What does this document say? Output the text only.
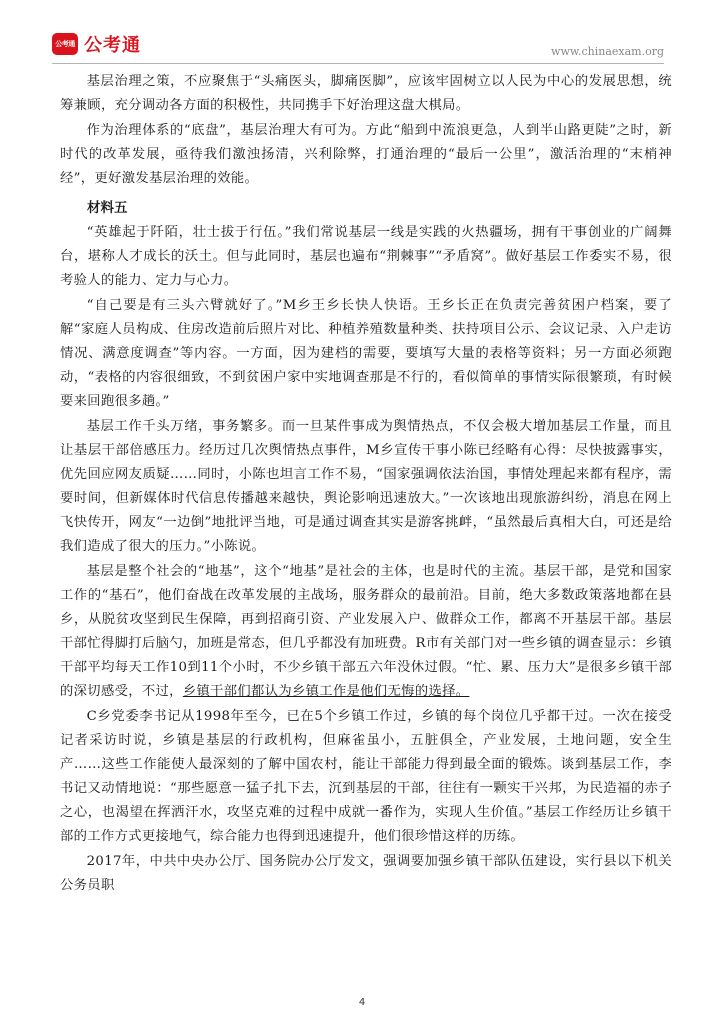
公考通 公考通	www.chinaexam.org

基层治理之策，不应聚焦于“头痛医头，脚痛医脚”，应该牢固树立以人民为中心的发展思想，统筹兼顾，充分调动各方面的积极性，共同携手下好治理这盘大棋局。

作为治理体系的“底盘”，基层治理大有可为。方此“船到中流浪更急，人到半山路更陡”之时，新时代的改革发展，亟待我们激浊扬清，兴利除弊，打通治理的“最后一公里”，激活治理的“末梢神经”，更好激发基层治理的效能。

材料五

“英雄起于阡陌，壮士拔于行伍。”我们常说基层一线是实践的火热疆场，拥有干事创业的广阔舞台，堪称人才成长的沃土。但与此同时，基层也遍布“荆棘事”“矛盾窝”。做好基层工作委实不易，很考验人的能力、定力与心力。

“自己要是有三头六臂就好了。”M乡王乡长快人快语。王乡长正在负责完善贫困户档案，要了解“家庭人员构成、住房改造前后照片对比、种植养殖数量种类、扶持项目公示、会议记录、入户走访情况、满意度调查”等内容。一方面，因为建档的需要，要填写大量的表格等资料；另一方面必须跑动，“表格的内容很细致，不到贫困户家中实地调查那是不行的，看似简单的事情实际很繁琐，有时候要来回跑很多趟。”

基层工作千头万绪，事务繁多。而一旦某件事成为舆情热点，不仅会极大增加基层工作量，而且让基层干部倍感压力。经历过几次舆情热点事件，M乡宣传干事小陈已经略有心得：尽快披露事实，优先回应网友质疑……同时，小陈也坦言工作不易，“国家强调依法治国，事情处理起来都有程序，需要时间，但新媒体时代信息传播越来越快，舆论影响迅速放大。”一次该地出现旅游纠纷，消息在网上飞快传开，网友“一边倒”地批评当地，可是通过调查其实是游客挑衅，“虽然最后真相大白，可还是给我们造成了很大的压力。”小陈说。

基层是整个社会的“地基”，这个“地基”是社会的主体，也是时代的主流。基层干部，是党和国家工作的“基石”，他们奋战在改革发展的主战场，服务群众的最前沿。目前，绝大多数政策落地都在县乡，从脱贫攻坚到民生保障，再到招商引资、产业发展入户、做群众工作，都离不开基层干部。基层干部忙得脚打后脑勺，加班是常态，但几乎都没有加班费。R市有关部门对一些乡镇的调查显示：乡镇干部平均每天工作10到11个小时，不少乡镇干部五六年没休过假。“忙、累、压力大”是很多乡镇干部的深切感受，不过，乡镇干部们都认为乡镇工作是他们无悔的选择。

C乡党委李书记从1998年至今，已在5个乡镇工作过，乡镇的每个岗位几乎都干过。一次在接受记者采访时说，乡镇是基层的行政机构，但麻雀虽小，五脏俱全，产业发展，土地问题，安全生产……这些工作能使人最深刻的了解中国农村，能让干部能力得到最全面的锻炼。谈到基层工作，李书记又动情地说：“那些愿意一猛子扎下去，沉到基层的干部，往往有一颗实干兴邦，为民造福的赤子之心，也渴望在挥洒汗水，攻坚克难的过程中成就一番作为，实现人生价值。”基层工作经历让乡镇干部的工作方式更接地气，综合能力也得到迅速提升，他们很珍惜这样的历练。

2017年，中共中央办公厅、国务院办公厅发文，强调要加强乡镇干部队伍建设，实行县以下机关公务员职

4
